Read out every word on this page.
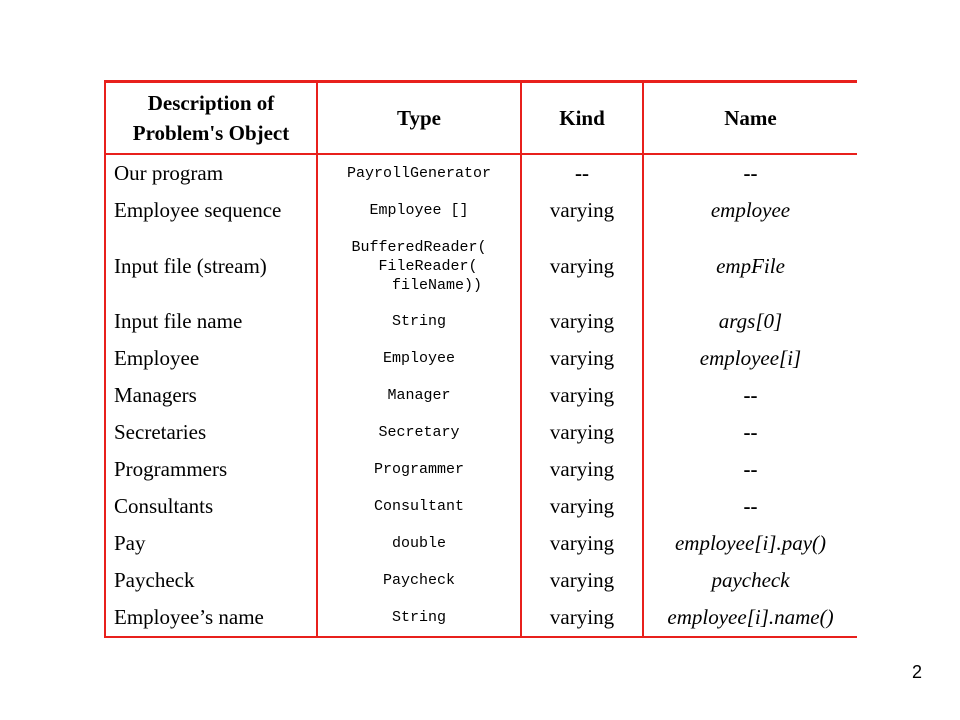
Description of
Problem's Object	Type	Kind	Name
Our program	PayrollGenerator	--	--
Employee sequence	Employee []	varying	employee
Input file (stream)	BufferedReader(
FileReader(
fileName))	varying	empFile
Input file name	String	varying	args[0]
Employee	Employee	varying	employee[i]
Managers	Manager	varying	--
Secretaries	Secretary	varying	--
Programmers	Programmer	varying	--
Consultants	Consultant	varying	--
Pay	double	varying	employee[i].pay()
Paycheck	Paycheck	varying	paycheck
Employee’s name	String	varying	employee[i].name()
2
